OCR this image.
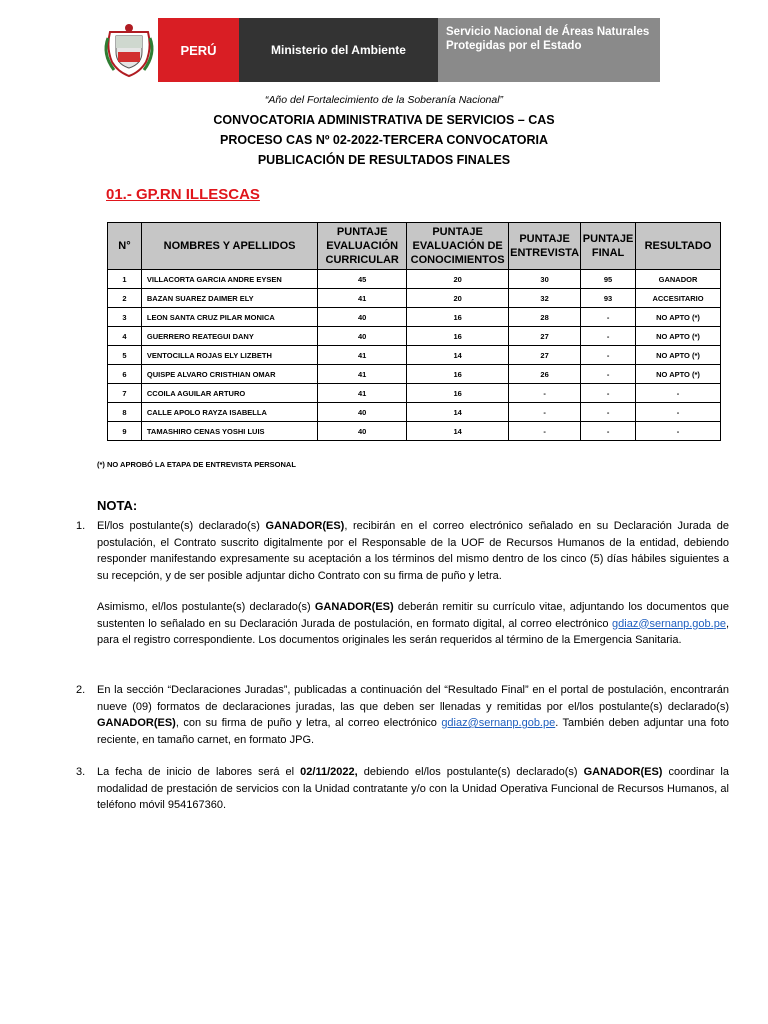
PERÚ	Ministerio del Ambiente
Servicio Nacional de Áreas Naturales
Protegidas por el Estado
“Año del Fortalecimiento de la Soberanía Nacional”
CONVOCATORIA ADMINISTRATIVA DE SERVICIOS – CAS
PROCESO CAS Nº 02-2022-TERCERA CONVOCATORIA
PUBLICACIÓN DE RESULTADOS FINALES
01.- GP.RN ILLESCAS
N°	NOMBRES Y APELLIDOS	PUNTAJE EVALUACIÓN CURRICULAR	PUNTAJE EVALUACIÓN DE CONOCIMIENTOS	PUNTAJE ENTREVISTA	PUNTAJE FINAL	RESULTADO
1	VILLACORTA GARCIA ANDRE EYSEN	45	20	30	95	GANADOR
2	BAZAN SUAREZ DAIMER ELY	41	20	32	93	ACCESITARIO
3	LEON SANTA CRUZ PILAR MONICA	40	16	28	-	NO APTO (*)
4	GUERRERO REATEGUI DANY	40	16	27	-	NO APTO (*)
5	VENTOCILLA ROJAS ELY LIZBETH	41	14	27	-	NO APTO (*)
6	QUISPE ALVARO CRISTHIAN OMAR	41	16	26	-	NO APTO (*)
7	CCOILA AGUILAR ARTURO	41	16	-	-	-
8	CALLE APOLO RAYZA ISABELLA	40	14	-	-	-
9	TAMASHIRO CENAS YOSHI LUIS	40	14	-	-	-
(*) NO APROBÓ LA ETAPA DE ENTREVISTA PERSONAL
NOTA:
1. El/los postulante(s) declarado(s) GANADOR(ES), recibirán en el correo electrónico señalado en su Declaración Jurada de postulación, el Contrato suscrito digitalmente por el Responsable de la UOF de Recursos Humanos de la entidad, debiendo responder manifestando expresamente su aceptación a los términos del mismo dentro de los cinco (5) días hábiles siguientes a su recepción, y de ser posible adjuntar dicho Contrato con su firma de puño y letra.
Asimismo, el/los postulante(s) declarado(s) GANADOR(ES) deberán remitir su currículo vitae, adjuntando los documentos que sustenten lo señalado en su Declaración Jurada de postulación, en formato digital, al correo electrónico gdiaz@sernanp.gob.pe, para el registro correspondiente. Los documentos originales les serán requeridos al término de la Emergencia Sanitaria.
2. En la sección “Declaraciones Juradas”, publicadas a continuación del “Resultado Final” en el portal de postulación, encontrarán nueve (09) formatos de declaraciones juradas, las que deben ser llenadas y remitidas por el/los postulante(s) declarado(s) GANADOR(ES), con su firma de puño y letra, al correo electrónico gdiaz@sernanp.gob.pe. También deben adjuntar una foto reciente, en tamaño carnet, en formato JPG.
3. La fecha de inicio de labores será el 02/11/2022, debiendo el/los postulante(s) declarado(s) GANADOR(ES) coordinar la modalidad de prestación de servicios con la Unidad contratante y/o con la Unidad Operativa Funcional de Recursos Humanos, al teléfono móvil 954167360.
